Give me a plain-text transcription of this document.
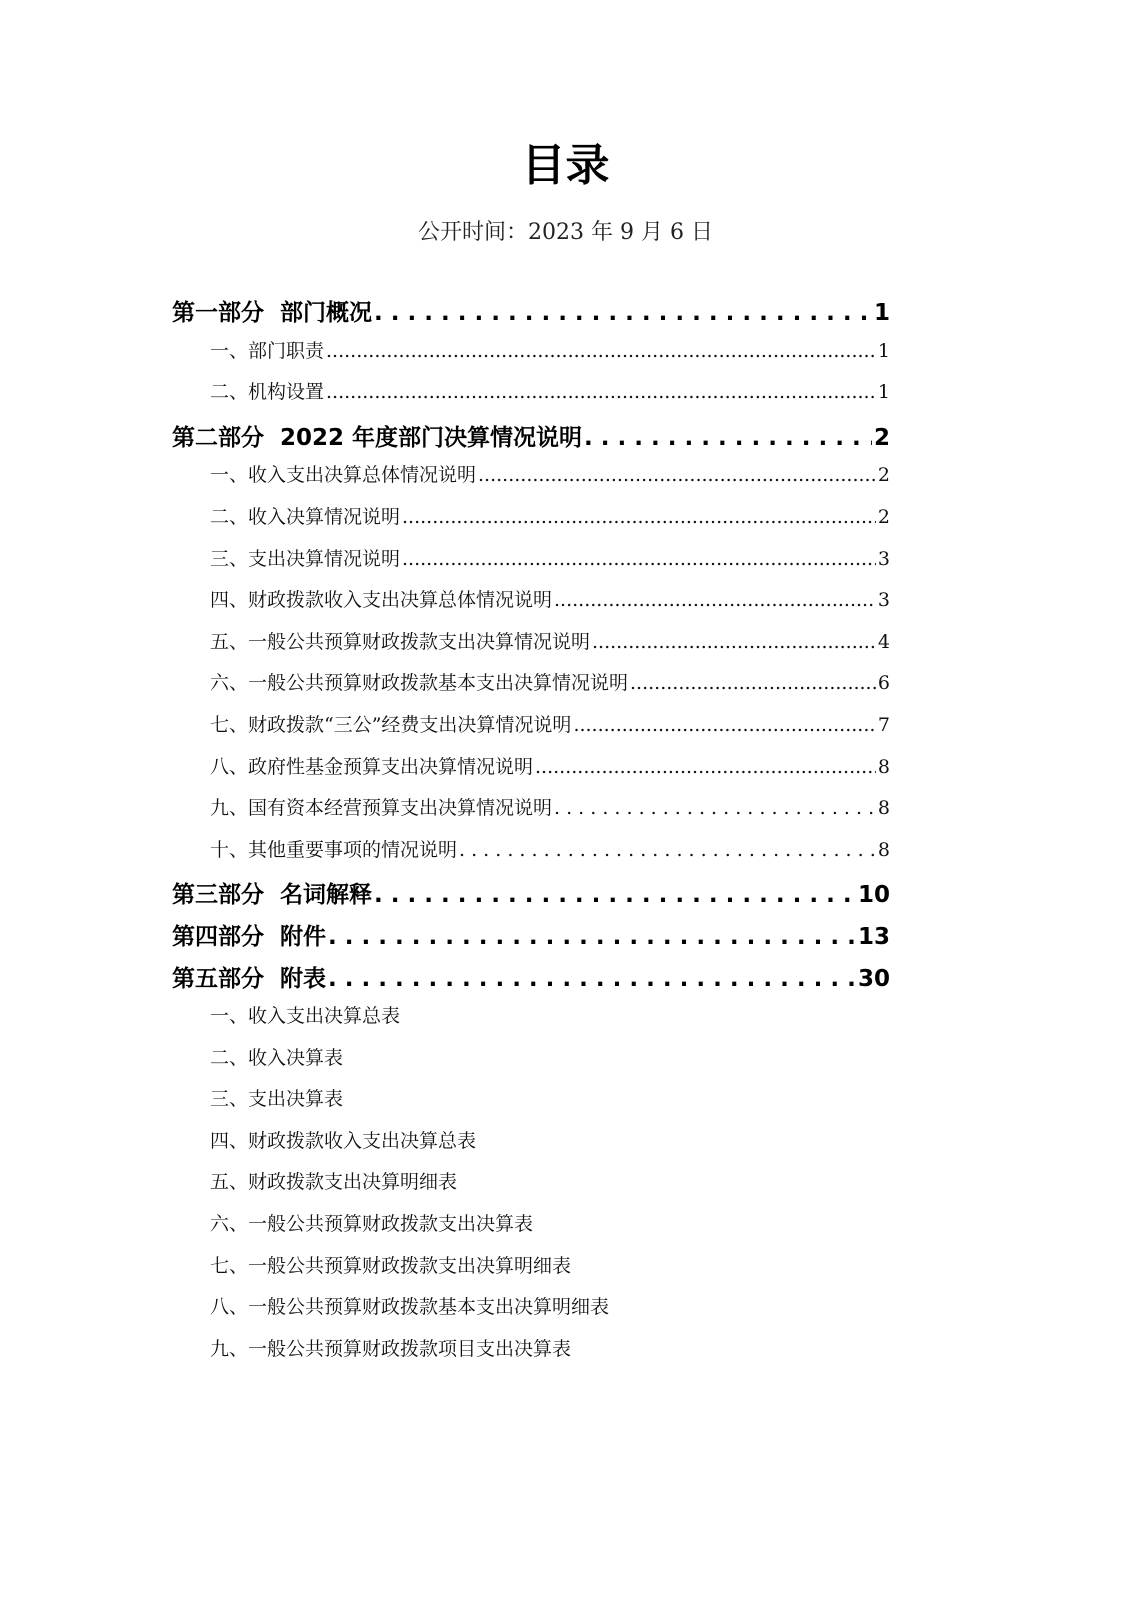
目录
公开时间：2023 年 9 月 6 日
第一部分 部门概况 . . .	1
一、部门职责 .....	1
二、机构设置 .....	1
第二部分 2022 年度部门决算情况说明 . . .	2
一、收入支出决算总体情况说明 .....	2
二、收入决算情况说明 .....	2
三、支出决算情况说明 .....	3
四、财政拨款收入支出决算总体情况说明 .....	3
五、一般公共预算财政拨款支出决算情况说明 .....	4
六、一般公共预算财政拨款基本支出决算情况说明 .....	6
七、财政拨款“三公”经费支出决算情况说明 .....	7
八、政府性基金预算支出决算情况说明 .....	8
九、国有资本经营预算支出决算情况说明 . . .	8
十、其他重要事项的情况说明 . . .	8
第三部分 名词解释 . . .	10
第四部分 附件 . . .	13
第五部分 附表 . . .	30
一、收入支出决算总表
二、收入决算表
三、支出决算表
四、财政拨款收入支出决算总表
五、财政拨款支出决算明细表
六、一般公共预算财政拨款支出决算表
七、一般公共预算财政拨款支出决算明细表
八、一般公共预算财政拨款基本支出决算明细表
九、一般公共预算财政拨款项目支出决算表
